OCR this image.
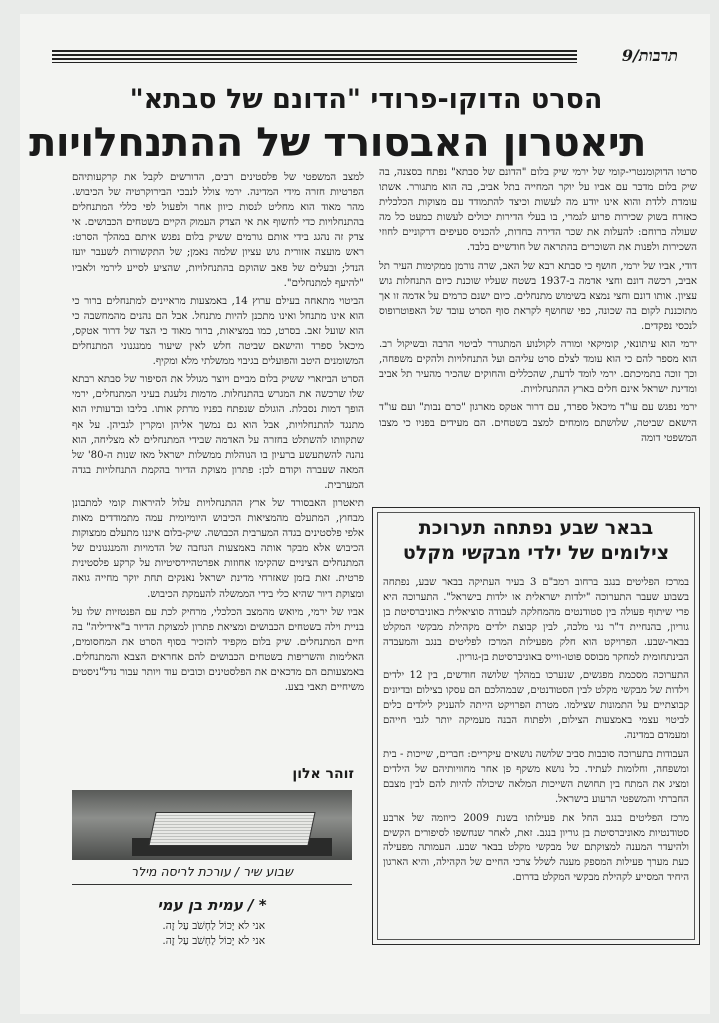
תרבות/9
הסרט הדוקו-פרודי "הדונם של סבתא"
תיאטרון האבסורד של ההתנחלויות

סרטו הדוקומנטרי-קומי של ירמי שיק בלום "הדונם של סבתא" נפתח בסצנה, בה שיק בלום מדבר עם אביו על יוקר המחייה בתל אביב, בה הוא מתגורר. אשתו עומדת ללדת והוא אינו יודע מה לעשות וכיצד להתמודד עם מצוקות הכלכלית כאזרח בשוק שכירות פרוע לגמרי, בו בעלי הדירות יכולים לעשות כמעט כל מה שעולה ברוחם: להעלות את שכר הדירה בחדות, להכניס סעיפים דרקוניים לחוזי השכירות ולפנות את השוכרים בהתראה של חודשיים בלבד.

דודי, אביו של ירמי, חושף כי סבתא רבא של האב, שרה נורמן ממקימות העיר תל אביב, רכשה דונם וחצי אדמה ב-1937 בשטח שעליו שוכנת כיום התנחלות גוש עציון. אותו דונם וחצי נמצא בשימוש מתנחלים. כיום ישנם כרמים על אדמה זו אך מתוכננת לקום בה שכונה, כפי שחושף לקראת סוף הסרט עובד של האפוטרופוס לנכסי נפקדים.

ירמי הוא עיתונאי, קומיקאי ומורה לקולנוע המתגורר לביטוי הרבה ובשיקול רב. הוא מספר להם כי הוא עומד לצלם סרט עליהם ועל התנחלויות ולהקים משפחה, וכך זוכה בתמיכתם. ירמי לומד לדעת, שהכללים והחוקים שהכיר מהעיר תל אביב ומדינת ישראל אינם חלים בארץ ההתנחלויות.

ירמי נפגש עם עו"ד מיכאל ספרד, עם דרור אטקס מארגון "כרם נבות" ועם עו"ד הישאם שביטה, שלושתם מומחים למצב בשטחים. הם מעידים בפניו כי מצבו המשפטי דומה

למצב המשפטי של פלסטינים רבים, הדורשים לקבל את קרקעותיהם הפרטיות חזרה מידי המדינה. ירמי צולל לנבכי הבירוקרטיה של הכיבוש. מהר מאוד הוא מחליט לנסות כיוון אחר ולפעול לפי כללי המתנחלים בהתנחלויות כדי לחשוף את אי הצדק העמוק הקיים בשטחים הכבושים. אי צדק זה נהגג בידי אותם גורמים ששיק בלום נפגש איתם במהלך הסרט: ראש מועצה אזורית גוש עציון שלמה נאמן; של התקשורות לשעבר יועז הנדל; ובעלים של פאב שהוקם בהתנחלויות, שהציע לסייע לירמי ולאביו "להיעף למתנחלים".

הביטוי מתאחה בעילם ערוץ 14, באמצעות מראיינים למתנחלים ברור כי הוא אינו מתנחל ואינו מתכנן להיות מתנחל. אבל הם נהנים מהמחשבה כי הוא שועל זאב. בסרט, כמו במציאות, ברור מאוד כי הצד של דרור אטקס, מיכאל ספרד והישאם שביטה חלש לאין שיעור ממנגנוני המתנחלים המשומנים היטב והפועלים בגיבוי ממשלתי מלא ומקיף.

הסרט הביזארי ששיק בלום מביים ויוצר מגולל את הסיפור של סבתא רבתא שלו שרכשה את המגרש בהתנחלות. מדמות נלעגת בעיני המתנחלים, ירמי הופך דמות נסבלת. הוגולם שנפתח בפניו מרתק אותו. בליבו ובדעותיו הוא מתנגד להתנחלויות, אבל הוא גם נמשך אליהן ומקרין לגביהן. על אף שתקוותו להשתלט בחזרה על האדמה שבידי המתנחלים לא מצליחה, הוא נהנה להשתעשע ברעיון בו הנוהלות ממשלות ישראל מאז שנות ה-80' של המאה שעברה וקודם לכן: פתרון מצוקת הדיור בהקמת התנחלויות בגדה המערבית.

תיאטרון האבסורד של ארץ ההתנחלויות עלול להיראות קומי למתבונן מבחוץ, המתעלם מהמציאות הכיבוש היומיומית עמה מתמודדים מאות אלפי פלסטינים בגדה המערבית הכבושה. שיק-בלום איננו מתעלם ממצוקות הכיבוש אלא מבקר אותה באמצעות הנחבה של הדמויות והמנגנונים של המתנחלים הציניים שהקימו אחוזות אפרטהיידסיטיות על קרקע פלסטינית פרטית. זאת בזמן שאזרחי מדינת ישראל נאנקים תחת יוקר מחייה גואה ומצוקת דיור שהיא כלי בידי הממשלה להעמקת הכיבוש.

אביו של ירמי, מיואש מהמצב הכלכלי, מרחיק לכת עם הפנטזיות שלו על בניית וילה בשטחים הכבושים ומציאת פתרון למצוקת הדיור ב"אידיליה" בה חיים המתנחלים. שיק בלום מקפיד להזכיר בסוף הסרט את המחסומים, האלימות והשריפות בשטחים הכבושים להם אחראים הצבא והמתנחלים. באמצעותם הם מדכאים את הפלסטינים וכובים עוד ויותר עבור נדל"ניסטים משיחיים תאבי בצע.

זוהר אלון
שבוע שיר / עורכת לריסה מילר
* / עמית בן עמי
אני לא יָכוֹל לַחְשֹׁב עַל זֶה.
אני לא יָכוֹל לַחְשֹׁב עַל זֶה.
בבאר שבע נפתחה תערוכת
צילומים של ילדי מבקשי מקלט

במרכז הפליטים בנגב ברחוב רמב"ם 3 בעיר העתיקה בבאר שבע, נפתחה בשבוע שעבר התערוכה "ילדות ישראלית או ילדות בישראל". התערוכה היא פרי שיתוף פעולה בין סטודנטים מהמחלקה לעבודה סוציאלית באוניברסיטת בן גוריון, בהנחיית ד"ר נגי מלכה, לבין קבוצת ילדים מקהילת מבקשי המקלט בבאר-שבע. הפרויקט הוא חלק מפעילות המרכז לפליטים בנגב והמעבדה הבינתחומית למחקר מבוסס פוטו-ווייס באוניברסיטת בן-גוריון.

התערוכה מסכמת מפגשים, שנערכו במהלך שלושה חודשים, בין 12 ילדים וילדות של מבקשי מקלט לבין הסטודנטים, שבמהלכם הם עסקו בצילום ובדיונים קבוצתיים על התמונות שצילמו. מטרת הפרויקט הייתה להעניק לילדים כלים לביטוי עצמי באמצעות הצילום, ולפתוח הבנה מעמיקה יותר לגבי חייהם ומעמדם במדינה.

העבודות בתערוכה סובבות סביב שלושה נושאים עיקריים: חברים, שייכות - בית ומשפחה, וחלומות לעתיד. כל נושא משקף פן אחר מחוויותיהם של הילדים ומציג את המתח בין תחושת השייכות המלאה שיכולה להיות להם לבין מצבם החברתי והמשפטי הרעוע בישראל.

מרכז הפליטים בנגב החל את פעילותו בשנת 2009 כיוזמה של ארבע סטודנטיות מאוניברסיטת בן גוריון בנגב. זאת, לאחר שנחשפו לסיפורים הקשים ולהיעדר המענה למצוקתם של מבקשי מקלט בבאר שבע. העמותה מפעילה כעת מערך פעילות המספק מענה לשלל צרכי החיים של הקהילה, והיא הארגון היחיד המסייע לקהילת מבקשי המקלט בדרום.
